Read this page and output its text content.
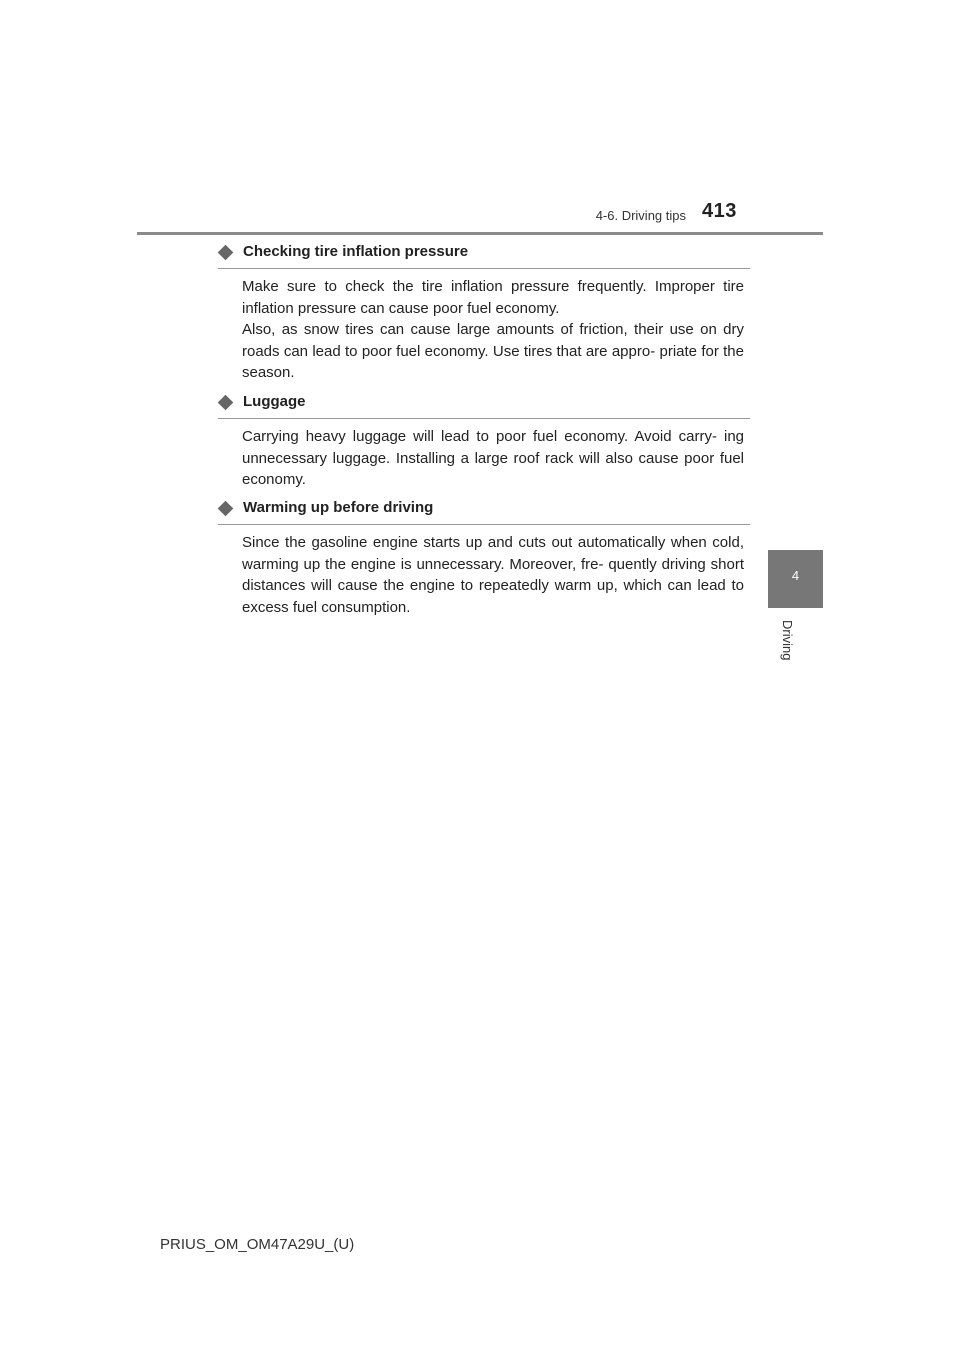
4-6. Driving tips 413
4
Driving
Checking tire inflation pressure

Make sure to check the tire inflation pressure frequently. Improper tire inflation pressure can cause poor fuel economy.

Also, as snow tires can cause large amounts of friction, their use on dry roads can lead to poor fuel economy. Use tires that are appro- priate for the season.

Luggage

Carrying heavy luggage will lead to poor fuel economy. Avoid carry- ing unnecessary luggage. Installing a large roof rack will also cause poor fuel economy.

Warming up before driving

Since the gasoline engine starts up and cuts out automatically when cold, warming up the engine is unnecessary. Moreover, fre- quently driving short distances will cause the engine to repeatedly warm up, which can lead to excess fuel consumption.

PRIUS_OM_OM47A29U_(U)
